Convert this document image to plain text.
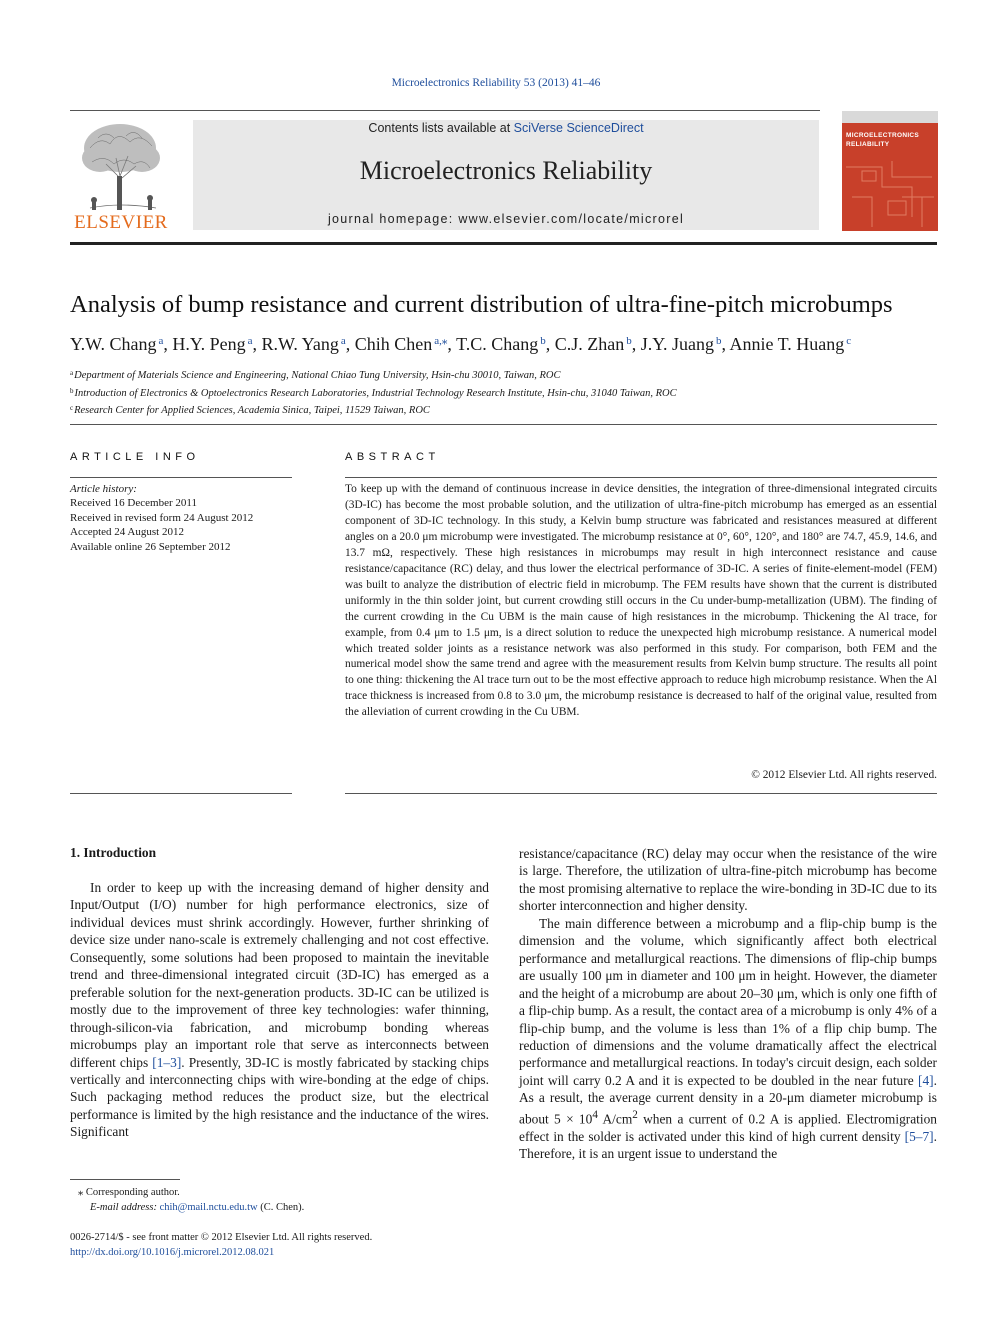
Microelectronics Reliability 53 (2013) 41–46
ELSEVIER
Contents lists available at SciVerse ScienceDirect
Microelectronics Reliability
journal homepage: www.elsevier.com/locate/microrel
MICROELECTRONICS
RELIABILITY
Analysis of bump resistance and current distribution of ultra-fine-pitch microbumps
Y.W. Chang $^a$, H.Y. Peng $^a$, R.W. Yang $^a$, Chih Chen $^{a,⁎}$, T.C. Chang $^b$, C.J. Zhan $^b$, J.Y. Juang $^b$, Annie T. Huang $^c$
$^a$Department of Materials Science and Engineering, National Chiao Tung University, Hsin-chu 30010, Taiwan, ROC
$^b$Introduction of Electronics & Optoelectronics Research Laboratories, Industrial Technology Research Institute, Hsin-chu, 31040 Taiwan, ROC
$^c$Research Center for Applied Sciences, Academia Sinica, Taipei, 11529 Taiwan, ROC
ARTICLE INFO
Article history:
Received 16 December 2011
Received in revised form 24 August 2012
Accepted 24 August 2012
Available online 26 September 2012
ABSTRACT
To keep up with the demand of continuous increase in device densities, the integration of three-dimensional integrated circuits (3D-IC) has become the most probable solution, and the utilization of ultra-fine-pitch microbump has emerged as an essential component of 3D-IC technology. In this study, a Kelvin bump structure was fabricated and resistances measured at different angles on a 20.0 μm microbump were investigated. The microbump resistance at 0°, 60°, 120°, and 180° are 74.7, 45.9, 14.6, and 13.7 mΩ, respectively. These high resistances in microbumps may result in high interconnect resistance and cause resistance/capacitance (RC) delay, and thus lower the electrical performance of 3D-IC. A series of finite-element-model (FEM) was built to analyze the distribution of electric field in microbump. The FEM results have shown that the current is distributed uniformly in the thin solder joint, but current crowding still occurs in the Cu under-bump-metallization (UBM). The finding of the current crowding in the Cu UBM is the main cause of high resistances in the microbump. Thickening the Al trace, for example, from 0.4 μm to 1.5 μm, is a direct solution to reduce the unexpected high microbump resistance. A numerical model which treated solder joints as a resistance network was also performed in this study. For comparison, both FEM and the numerical model show the same trend and agree with the measurement results from Kelvin bump structure. The results all point to one thing: thickening the Al trace turn out to be the most effective approach to reduce high microbump resistance. When the Al trace thickness is increased from 0.8 to 3.0 μm, the microbump resistance is decreased to half of the original value, resulted from the alleviation of current crowding in the Cu UBM.
© 2012 Elsevier Ltd. All rights reserved.
1. Introduction

In order to keep up with the increasing demand of higher density and Input/Output (I/O) number for high performance electronics, size of individual devices must shrink accordingly. However, further shrinking of device size under nano-scale is extremely challenging and not cost effective. Consequently, some solutions had been proposed to maintain the inevitable trend and three-dimensional integrated circuit (3D-IC) has emerged as a preferable solution for the next-generation products. 3D-IC can be utilized is mostly due to the improvement of three key technologies: wafer thinning, through-silicon-via fabrication, and microbump bonding whereas microbumps play an important role that serve as interconnects between different chips [1–3]. Presently, 3D-IC is mostly fabricated by stacking chips vertically and interconnecting chips with wire-bonding at the edge of chips. Such packaging method reduces the product size, but the electrical performance is limited by the high resistance and the inductance of the wires. Significant

resistance/capacitance (RC) delay may occur when the resistance of the wire is large. Therefore, the utilization of ultra-fine-pitch microbump has become the most promising alternative to replace the wire-bonding in 3D-IC due to its shorter interconnection and higher density.

The main difference between a microbump and a flip-chip bump is the dimension and the volume, which significantly affect both electrical performance and metallurgical reactions. The dimensions of flip-chip bumps are usually 100 μm in diameter and 100 μm in height. However, the diameter and the height of a microbump are about 20–30 μm, which is only one fifth of a flip-chip bump. As a result, the contact area of a microbump is only 4% of a flip-chip bump, and the volume is less than 1% of a flip chip bump. The reduction of dimensions and the volume dramatically affect the electrical performance and metallurgical reactions. In today's circuit design, each solder joint will carry 0.2 A and it is expected to be doubled in the near future [4]. As a result, the average current density in a 20-μm diameter microbump is about $5 \times 10^4$ $A/cm^2$ when a current of 0.2 A is applied. Electromigration effect in the solder is activated under this kind of high current density [5–7]. Therefore, it is an urgent issue to understand the

⁎ Corresponding author.
E-mail address: chih@mail.nctu.edu.tw (C. Chen).
0026-2714/$ - see front matter © 2012 Elsevier Ltd. All rights reserved.
http://dx.doi.org/10.1016/j.microrel.2012.08.021
